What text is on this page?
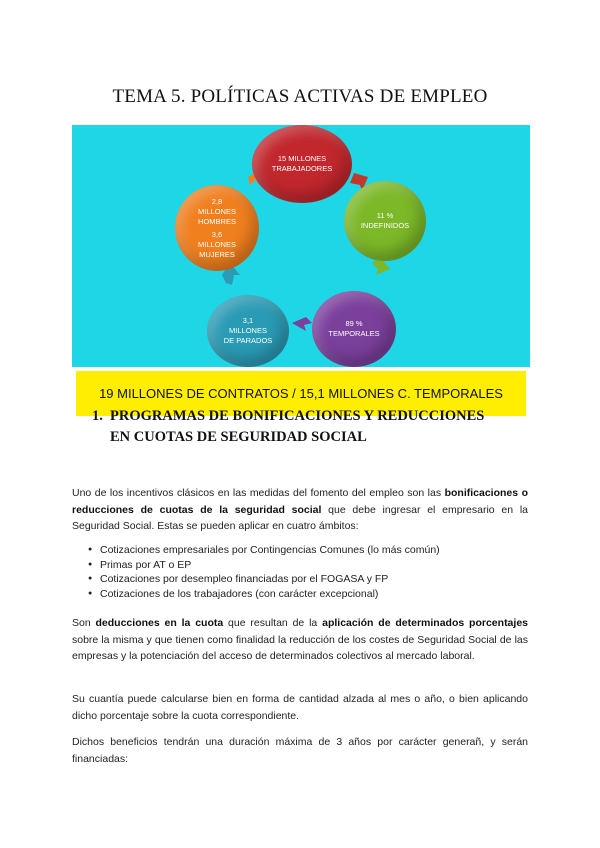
TEMA 5. POLÍTICAS ACTIVAS DE EMPLEO
15 MILLONES
TRABAJADORES
11 %
INDEFINIDOS
89 %
TEMPORALES
3,1
MILLONES
DE PARADOS
2,8
MILLONES
HOMBRES
3,6
MILLONES
MUJERES
19 MILLONES DE CONTRATOS / 15,1 MILLONES C. TEMPORALES
1. PROGRAMAS DE BONIFICACIONES Y REDUCCIONES EN CUOTAS DE SEGURIDAD SOCIAL
Uno de los incentivos clásicos en las medidas del fomento del empleo son las bonificaciones o reducciones de cuotas de la seguridad social que debe ingresar el empresario en la Seguridad Social. Estas se pueden aplicar en cuatro ámbitos:
● Cotizaciones empresariales por Contingencias Comunes (lo más común)
● Primas por AT o EP
● Cotizaciones por desempleo financiadas por el FOGASA y FP
● Cotizaciones de los trabajadores (con carácter excepcional)
Son deducciones en la cuota que resultan de la aplicación de determinados porcentajes sobre la misma y que tienen como finalidad la reducción de los costes de Seguridad Social de las empresas y la potenciación del acceso de determinados colectivos al mercado laboral.
Su cuantía puede calcularse bien en forma de cantidad alzada al mes o año, o bien aplicando dicho porcentaje sobre la cuota correspondiente.
Dichos beneficios tendrán una duración máxima de 3 años por carácter generañ, y serán financiadas:
